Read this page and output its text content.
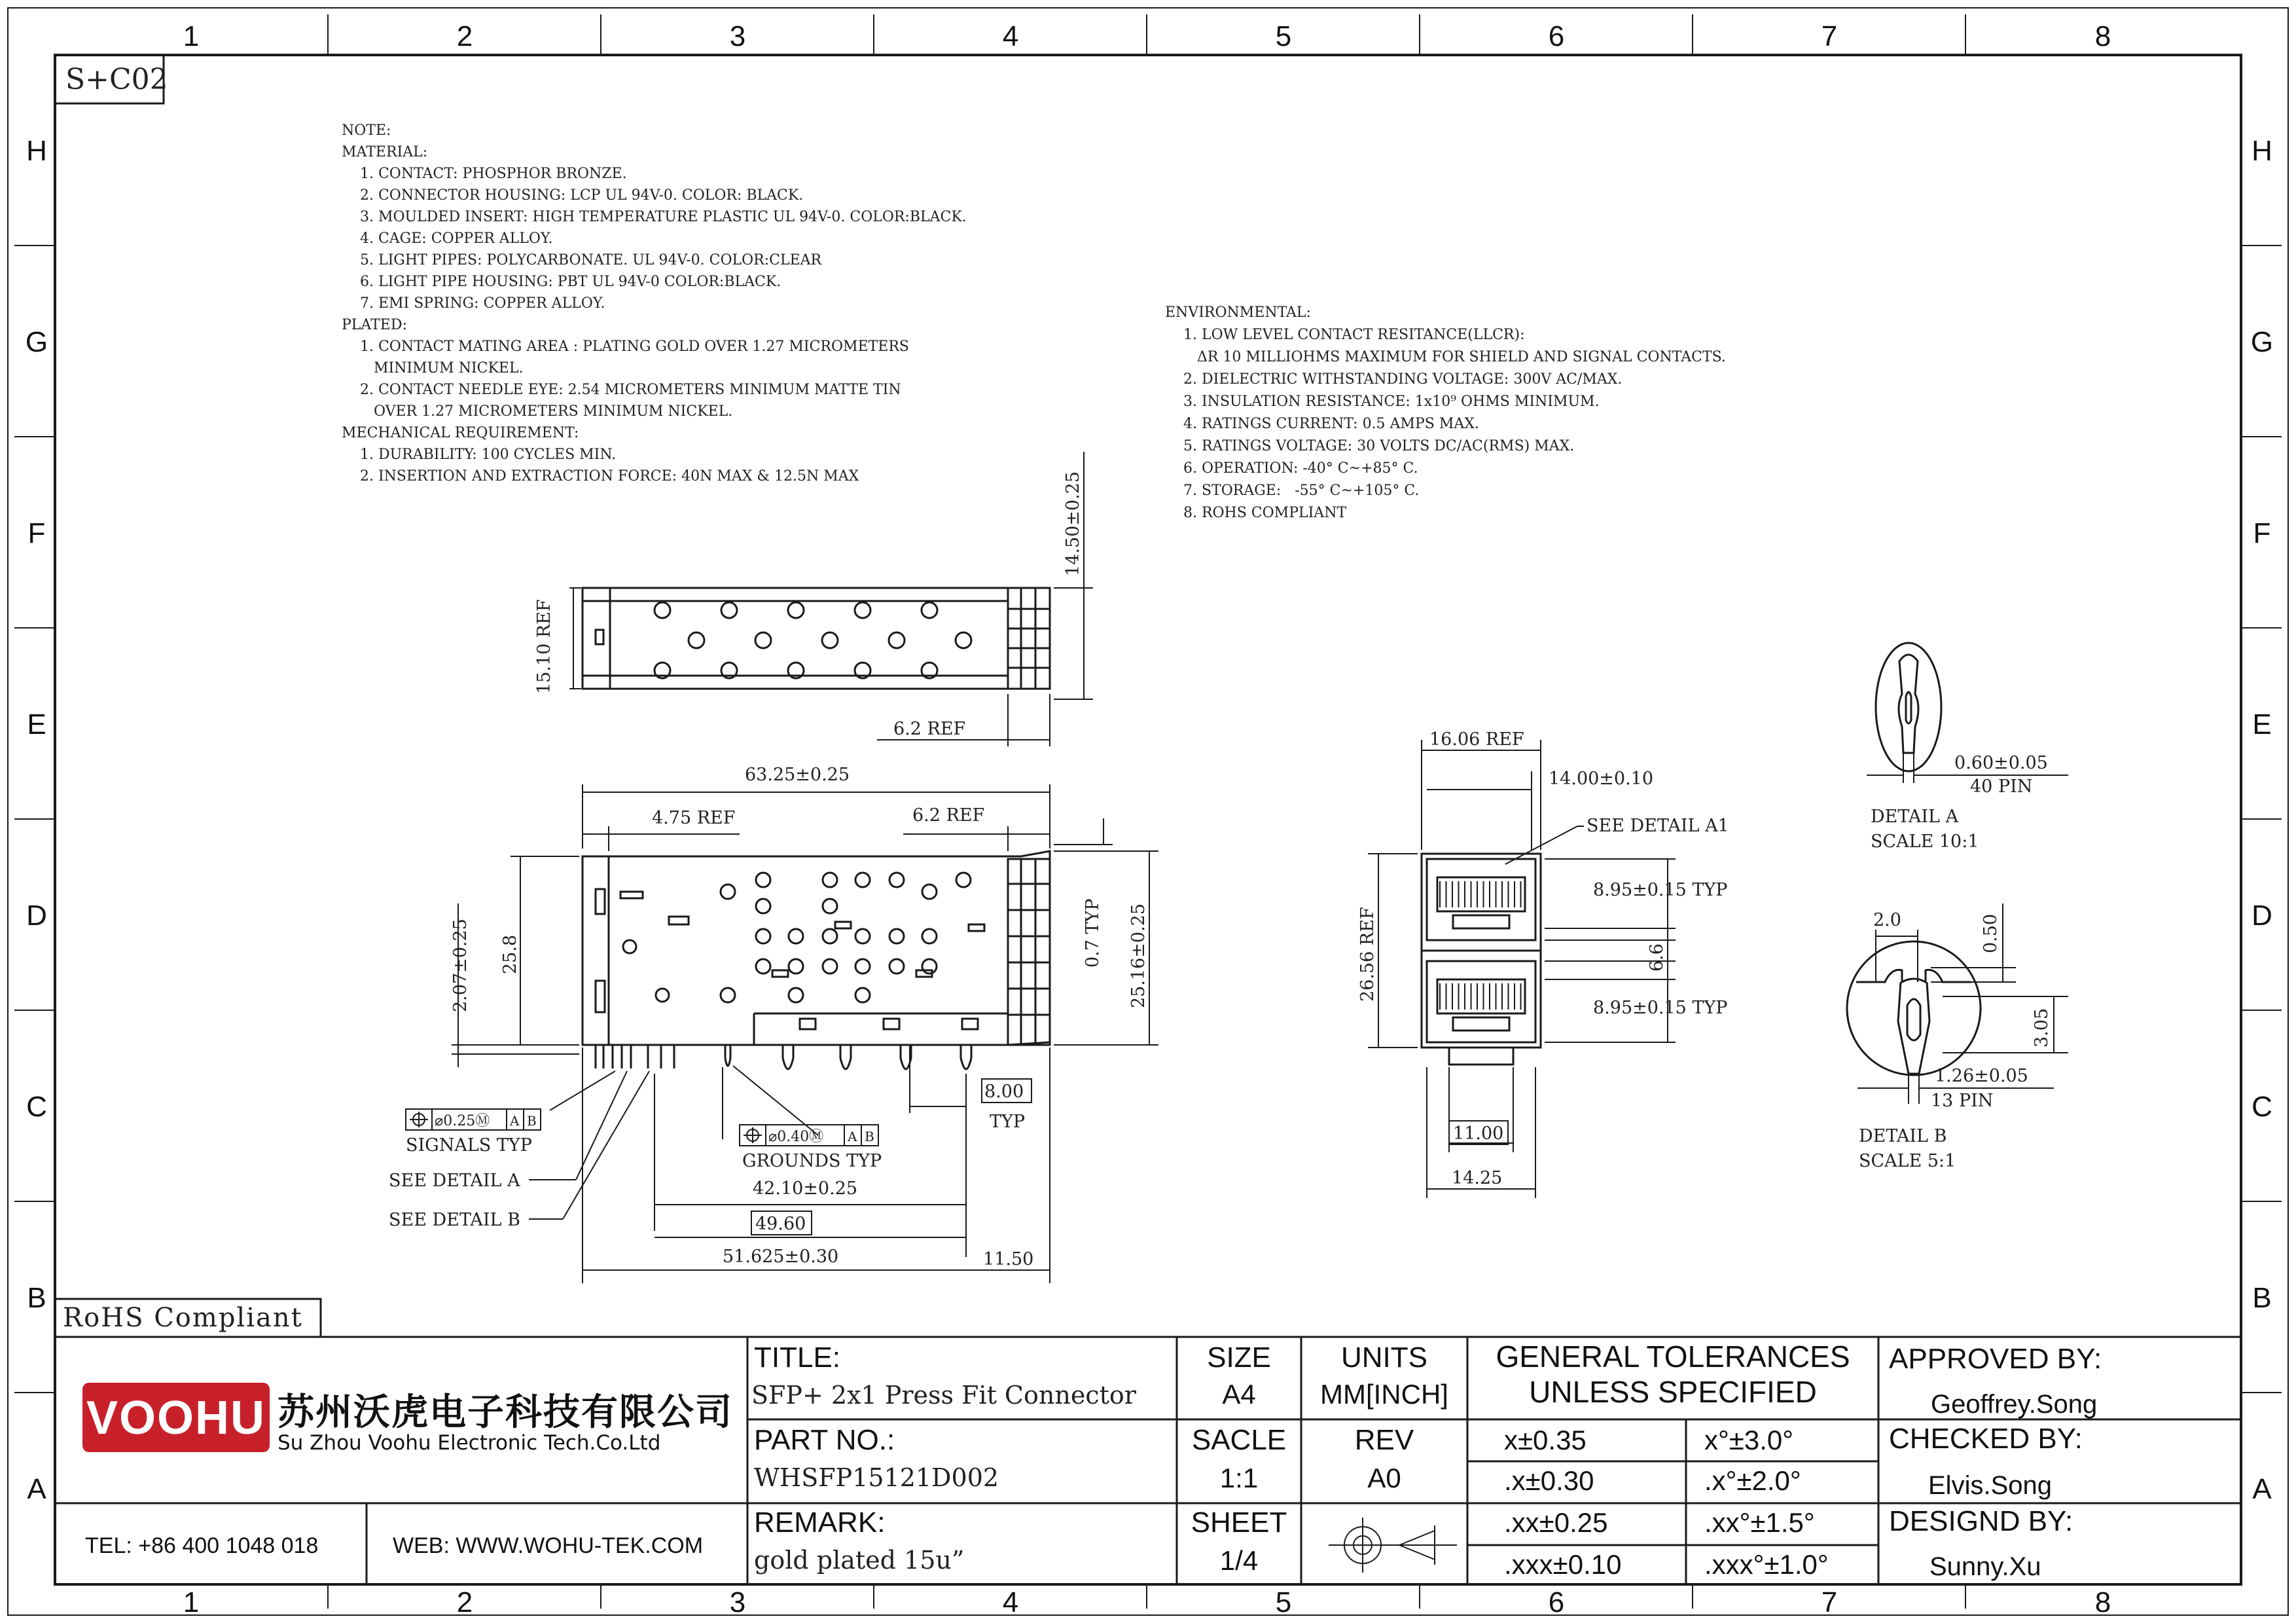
1	2	3	4	5	6	7	8
1	2	3	4	5	6	7	8
H
G
F
E
D
C
B
A
H
G
F
E
D
C
B
A
S+C02
NOTE:
MATERIAL:
1. CONTACT: PHOSPHOR BRONZE.
2. CONNECTOR HOUSING: LCP UL 94V-0. COLOR: BLACK.
3. MOULDED INSERT: HIGH TEMPERATURE PLASTIC UL 94V-0. COLOR:BLACK.
4. CAGE: COPPER ALLOY.
5. LIGHT PIPES: POLYCARBONATE. UL 94V-0. COLOR:CLEAR
6. LIGHT PIPE HOUSING: PBT UL 94V-0 COLOR:BLACK.
7. EMI SPRING: COPPER ALLOY.
PLATED:
1. CONTACT MATING AREA : PLATING GOLD OVER 1.27 MICROMETERS
MINIMUM NICKEL.
2. CONTACT NEEDLE EYE: 2.54 MICROMETERS MINIMUM MATTE TIN
OVER 1.27 MICROMETERS MINIMUM NICKEL.
MECHANICAL REQUIREMENT:
1. DURABILITY: 100 CYCLES MIN.
2. INSERTION AND EXTRACTION FORCE: 40N MAX & 12.5N MAX
ENVIRONMENTAL:
1. LOW LEVEL CONTACT RESITANCE(LLCR):
ΔR 10 MILLIOHMS MAXIMUM FOR SHIELD AND SIGNAL CONTACTS.
2. DIELECTRIC WITHSTANDING VOLTAGE: 300V AC/MAX.
3. INSULATION RESISTANCE: 1x10⁹ OHMS MINIMUM.
4. RATINGS CURRENT: 0.5 AMPS MAX.
5. RATINGS VOLTAGE: 30 VOLTS DC/AC(RMS) MAX.
6. OPERATION: -40° C~+85° C.
7. STORAGE:   -55° C~+105° C.
8. ROHS COMPLIANT
15.10 REF
6.2 REF
14.50±0.25
63.25±0.25
4.75 REF	6.2 REF
2.07±0.25 25.8	0.7 TYP 25.16±0.25
8.00
TYP
42.10±0.25
49.60
51.625±0.30	11.50
⌀0.25Ⓜ A B
SIGNALS TYP	⌀0.40Ⓜ A B
GROUNDS TYP
SEE DETAIL A
SEE DETAIL B
16.06 REF
14.00±0.10
SEE DETAIL A1
8.95±0.15 TYP
6.6
8.95±0.15 TYP
26.56 REF
11.00
14.25
0.60±0.05
40 PIN
DETAIL A
SCALE 10:1
2.0	0.50
3.05
1.26±0.05
13 PIN
DETAIL B
SCALE 5:1
RoHS Compliant
VOOHU 苏州沃虎电子科技有限公司
Su Zhou Voohu Electronic Tech.Co.Ltd
TEL: +86 400 1048 018	WEB: WWW.WOHU-TEK.COM
TITLE:
SFP+ 2x1 Press Fit Connector
PART NO.:
WHSFP15121D002
REMARK:
gold plated 15u”
SIZE
A4
SACLE
1:1
SHEET
1/4
UNITS
MM[INCH]
REV
A0
GENERAL TOLERANCES
UNLESS SPECIFIED
x±0.35	x°±3.0°
.x±0.30	.x°±2.0°
.xx±0.25	.xx°±1.5°
.xxx±0.10	.xxx°±1.0°
APPROVED BY:
Geoffrey.Song
CHECKED BY:
Elvis.Song
DESIGND BY:
Sunny.Xu
